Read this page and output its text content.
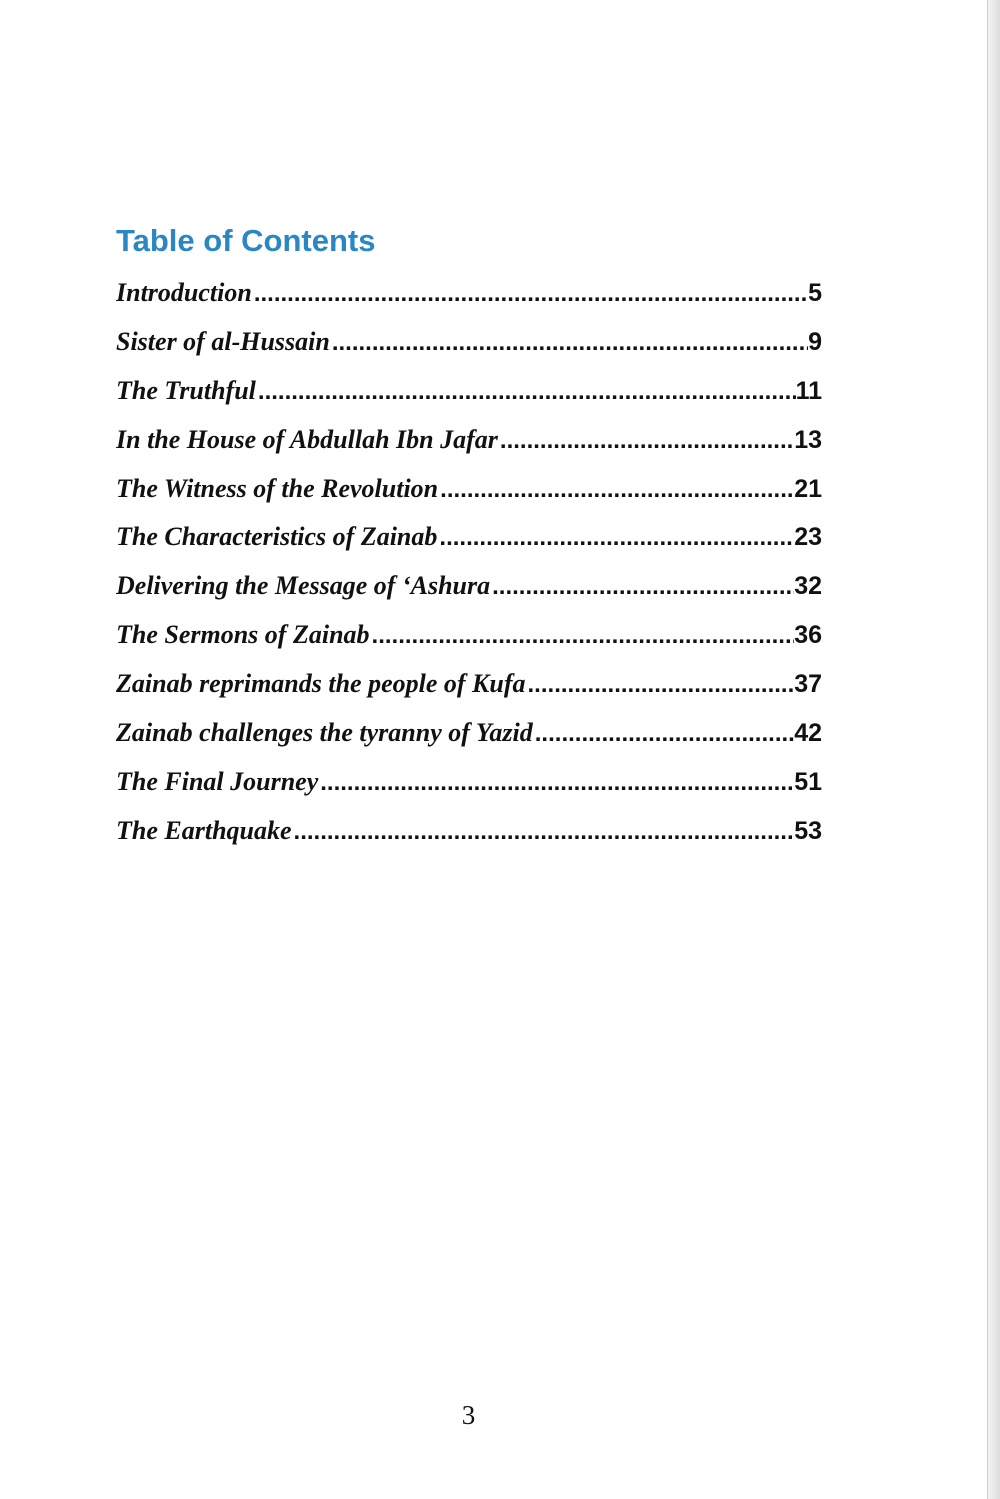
Table of Contents
Introduction .....	5
Sister of al-Hussain .....	9
The Truthful .....	11
In the House of Abdullah Ibn Jafar .....	13
The Witness of the Revolution .....	21
The Characteristics of Zainab .....	23
Delivering the Message of ‘Ashura .....	32
The Sermons of Zainab .....	36
Zainab reprimands the people of Kufa .....	37
Zainab challenges the tyranny of Yazid .....	42
The Final Journey .....	51
The Earthquake .....	53
3
